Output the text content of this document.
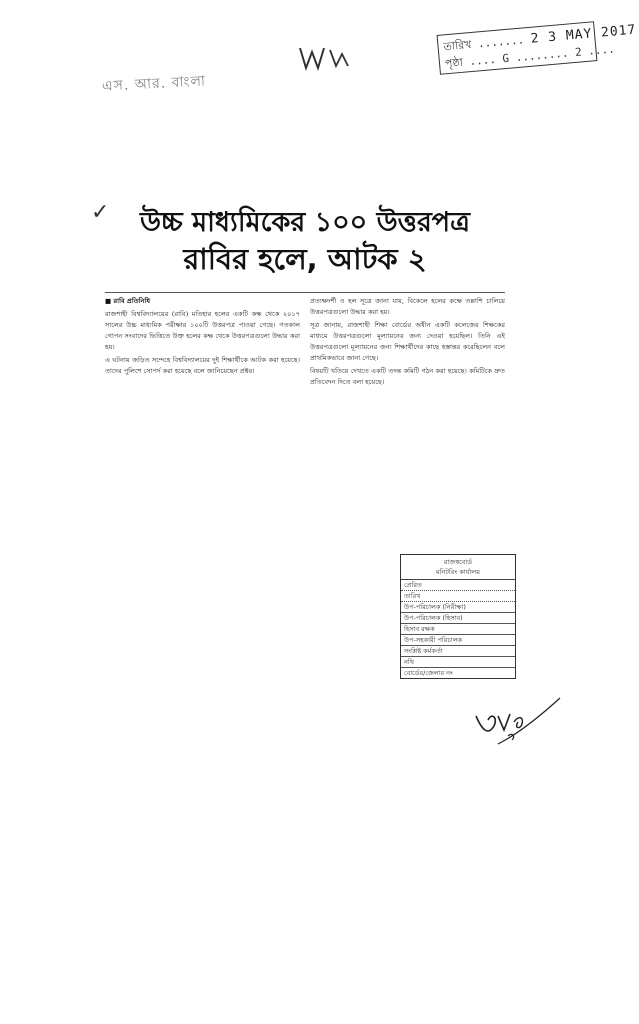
এস. আর. বাংলা
তারিখ ....... 2 3 MAY 2017
পৃষ্ঠা .... G ........ 2 ....
✓	উচ্চ মাধ্যমিকের ১০০ উত্তরপত্র
রাবির হলে, আটক ২

■ রাবি প্রতিনিধি

রাজশাহী বিশ্ববিদ্যালয়ের (রাবি) মতিহার হলের একটি কক্ষ থেকে ২০১৭ সালের উচ্চ মাধ্যমিক পরীক্ষার ১০০টি উত্তরপত্র পাওয়া গেছে। গতকাল গোপন সংবাদের ভিত্তিতে উক্ত হলের কক্ষ থেকে উত্তরপত্রগুলো উদ্ধার করা হয়।

এ ঘটনায় জড়িত সন্দেহে বিশ্ববিদ্যালয়ের দুই শিক্ষার্থীকে আটক করা হয়েছে। তাদের পুলিশে সোপর্দ করা হয়েছে বলে জানিয়েছেন প্রক্টর।

প্রত্যক্ষদর্শী ও হল সূত্রে জানা যায়, বিকেলে হলের কক্ষে তল্লাশি চালিয়ে উত্তরপত্রগুলো উদ্ধার করা হয়।

সূত্র জানায়, রাজশাহী শিক্ষা বোর্ডের অধীন একটি কলেজের শিক্ষকের মাধ্যমে উত্তরপত্রগুলো মূল্যায়নের জন্য দেওয়া হয়েছিল। তিনি এই উত্তরপত্রগুলো মূল্যায়নের জন্য শিক্ষার্থীদের কাছে হস্তান্তর করেছিলেন বলে প্রাথমিকভাবে জানা গেছে।

বিষয়টি খতিয়ে দেখতে একটি তদন্ত কমিটি গঠন করা হয়েছে। কমিটিকে দ্রুত প্রতিবেদন দিতে বলা হয়েছে।

রাজস্ববোর্ড
মনিটরিং কার্যালয়
প্রেরিত
তারিখ
উপ-পরিচালক (নিরীক্ষা)
উপ-পরিচালক (হিসাব)
হিসাব রক্ষক
উপ-সহকারী পরিচালক
সংশ্লিষ্ট কর্মকর্তা
নথি
বোর্ডের/জেলার নং
